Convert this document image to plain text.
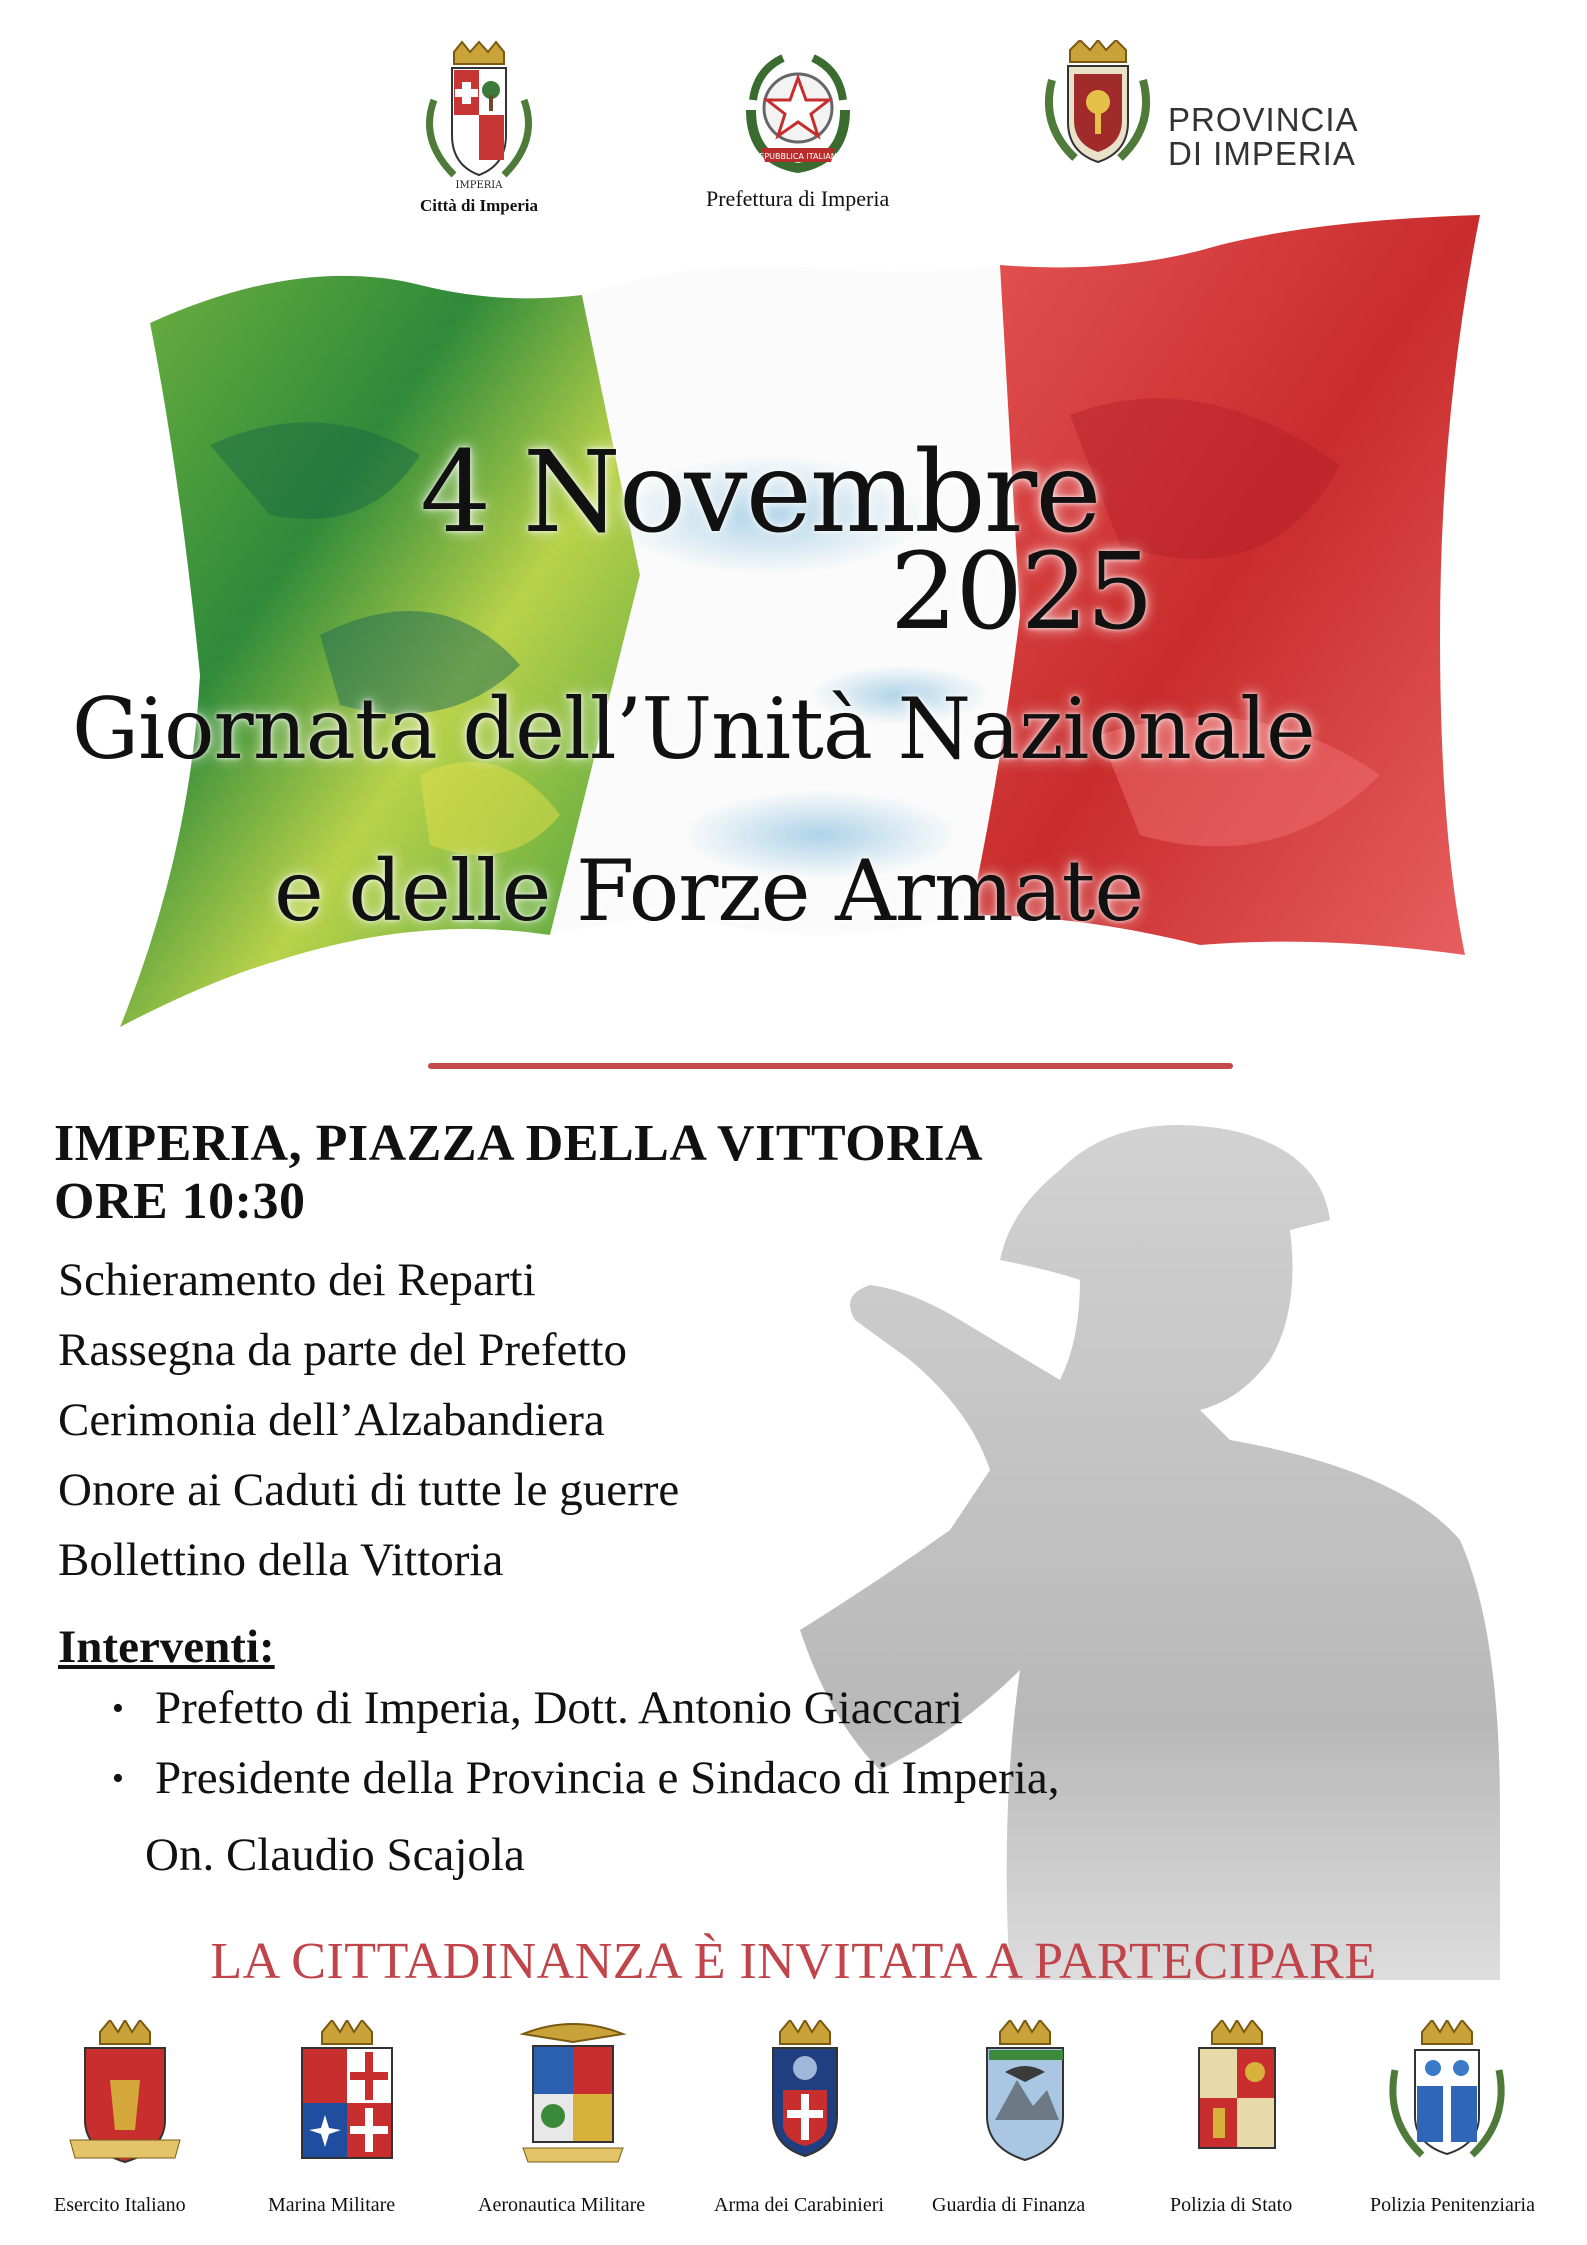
IMPERIA
Città di Imperia
REPUBBLICA ITALIANA
Prefettura di Imperia
PROVINCIA
DI IMPERIA
4 Novembre
2025
Giornata dell’Unità Nazionale
e delle Forze Armate
IMPERIA, PIAZZA DELLA VITTORIA
ORE 10:30
Schieramento dei Reparti
Rassegna da parte del Prefetto
Cerimonia dell’Alzabandiera
Onore ai Caduti di tutte le guerre
Bollettino della Vittoria
Interventi:
• Prefetto di Imperia, Dott. Antonio Giaccari
• Presidente della Provincia e Sindaco di Imperia,
On. Claudio Scajola
LA CITTADINANZA È INVITATA A PARTECIPARE
Esercito Italiano	Marina Militare	Aeronautica Militare	Arma dei Carabinieri Guardia di Finanza	Polizia di Stato	Polizia Penitenziaria
